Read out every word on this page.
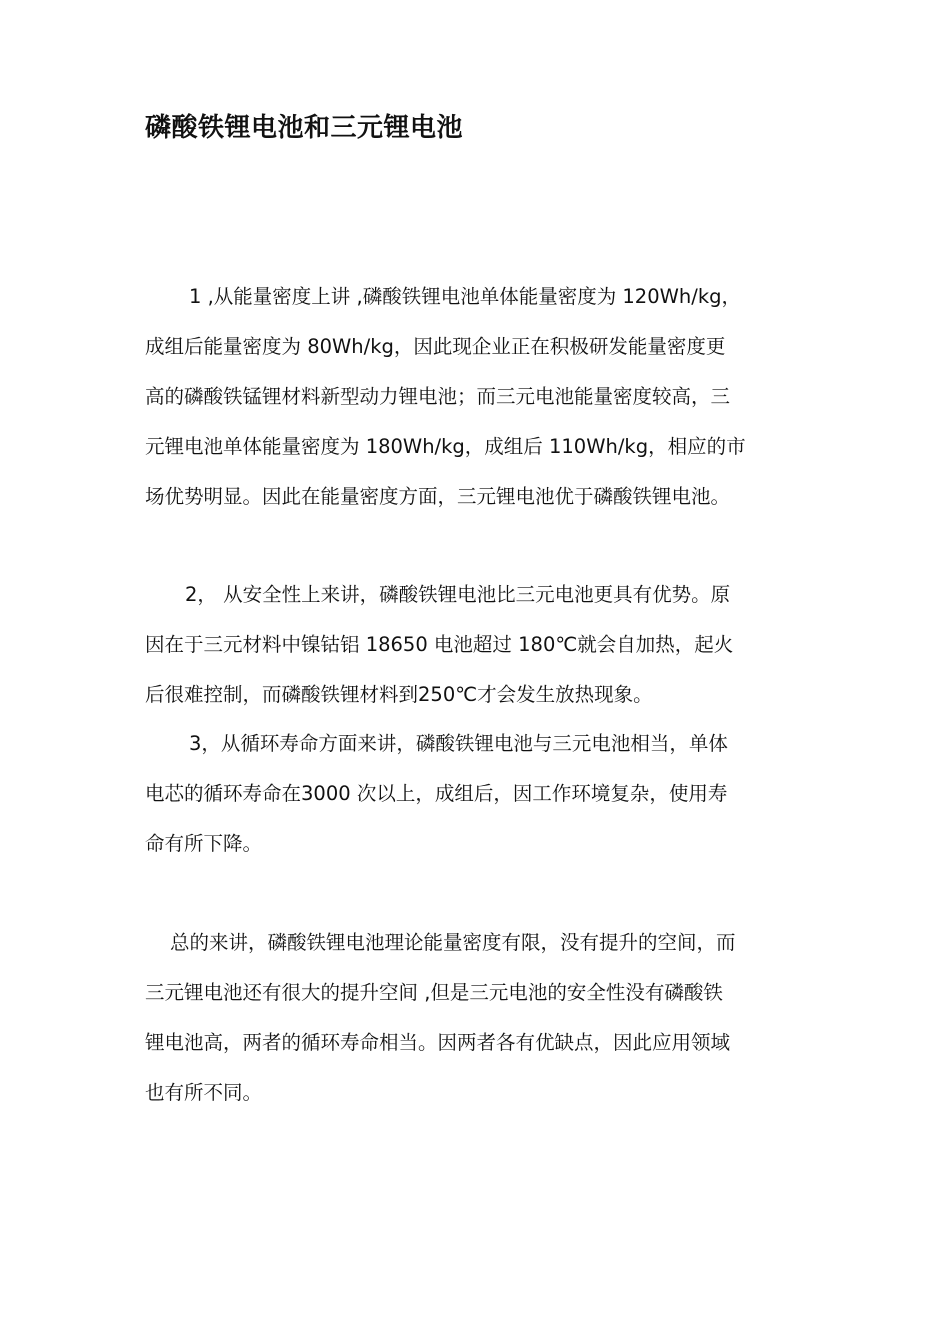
磷酸铁锂电池和三元锂电池
1 ,从能量密度上讲 ,磷酸铁锂电池单体能量密度为 120Wh/kg，
成组后能量密度为 80Wh/kg，因此现企业正在积极研发能量密度更
高的磷酸铁锰锂材料新型动力锂电池；而三元电池能量密度较高，三
元锂电池单体能量密度为 180Wh/kg，成组后 110Wh/kg，相应的市
场优势明显。因此在能量密度方面，三元锂电池优于磷酸铁锂电池。
2， 从安全性上来讲，磷酸铁锂电池比三元电池更具有优势。原
因在于三元材料中镍钴铝 18650 电池超过 180℃就会自加热，起火
后很难控制，而磷酸铁锂材料到250℃才会发生放热现象。
3，从循环寿命方面来讲，磷酸铁锂电池与三元电池相当，单体
电芯的循环寿命在3000 次以上，成组后，因工作环境复杂，使用寿
命有所下降。
总的来讲，磷酸铁锂电池理论能量密度有限，没有提升的空间，而
三元锂电池还有很大的提升空间 ,但是三元电池的安全性没有磷酸铁
锂电池高，两者的循环寿命相当。因两者各有优缺点，因此应用领域
也有所不同。
